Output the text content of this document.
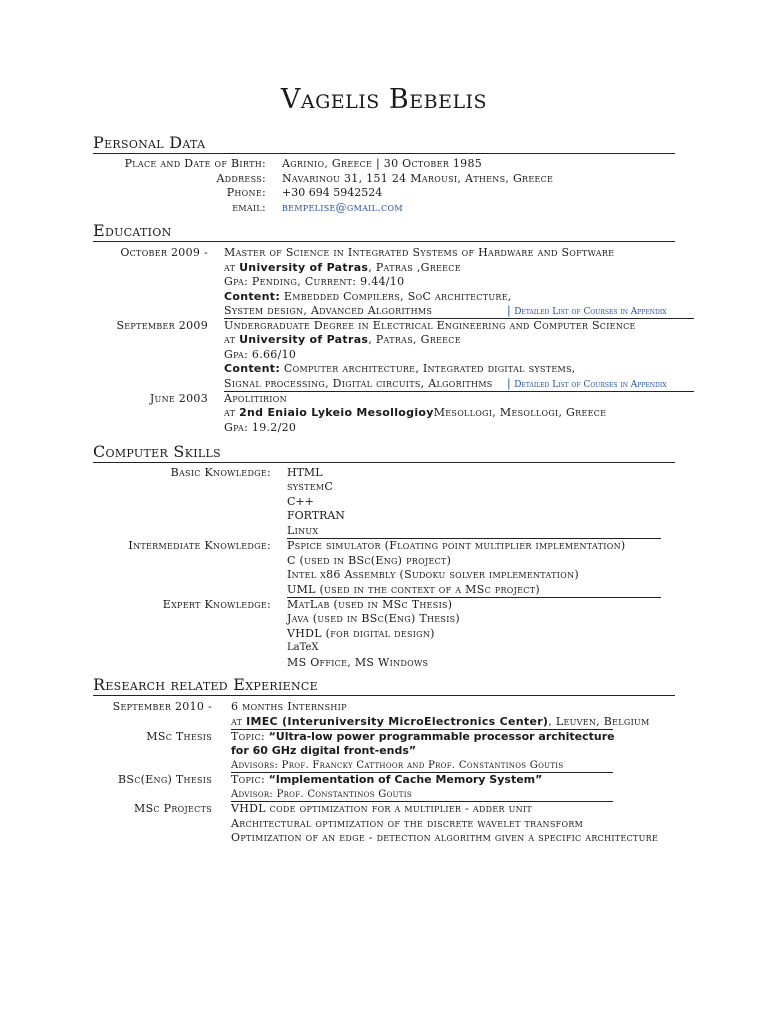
Vagelis Bebelis
Personal Data
Place and Date of Birth: Agrinio, Greece | 30 October 1985
Address: Navarinou 31, 151 24 Marousi, Athens, Greece
Phone: +30 694 5942524
email: bempelise@gmail.com
Education
October 2009 - Master of Science in Integrated Systems of Hardware and Software
at University of Patras, Patras ,Greece
Gpa: Pending, Current: 9.44/10
Content: Embedded Compilers, SoC architecture,
System design, Advanced Algorithms	| Detailed List of Courses in Appendix
September 2009 Undergraduate Degree in Electrical Engineering and Computer Science
at University of Patras, Patras, Greece
Gpa: 6.66/10
Content: Computer architecture, Integrated digital systems,
Signal processing, Digital circuits, Algorithms | Detailed List of Courses in Appendix
June 2003 Apolitirion
at 2nd Eniaio Lykeio MesollogioyMesollogi, Mesollogi, Greece
Gpa: 19.2/20
Computer Skills
Basic Knowledge: HTML
systemC
C++
FORTRAN
Linux
Intermediate Knowledge: Pspice simulator (Floating point multiplier implementation)
C (used in BSc(Eng) project)
Intel x86 Assembly (Sudoku solver implementation)
UML (used in the context of a MSc project)
Expert Knowledge: MatLab (used in MSc Thesis)
Java (used in BSc(Eng) Thesis)
VHDL (for digital design)
LaTeX
MS Office, MS Windows
Research related Experience
September 2010 - 6 months Internship
at IMEC (Interuniversity MicroElectronics Center), Leuven, Belgium
MSc Thesis Topic: “Ultra-low power programmable processor architecture
for 60 GHz digital front-ends”
Advisors: Prof. Francky Catthoor and Prof. Constantinos Goutis
BSc(Eng) Thesis Topic: “Implementation of Cache Memory System”
Advisor: Prof. Constantinos Goutis
MSc Projects VHDL code optimization for a multiplier - adder unit
Architectural optimization of the discrete wavelet transform
Optimization of an edge - detection algorithm given a specific architecture
